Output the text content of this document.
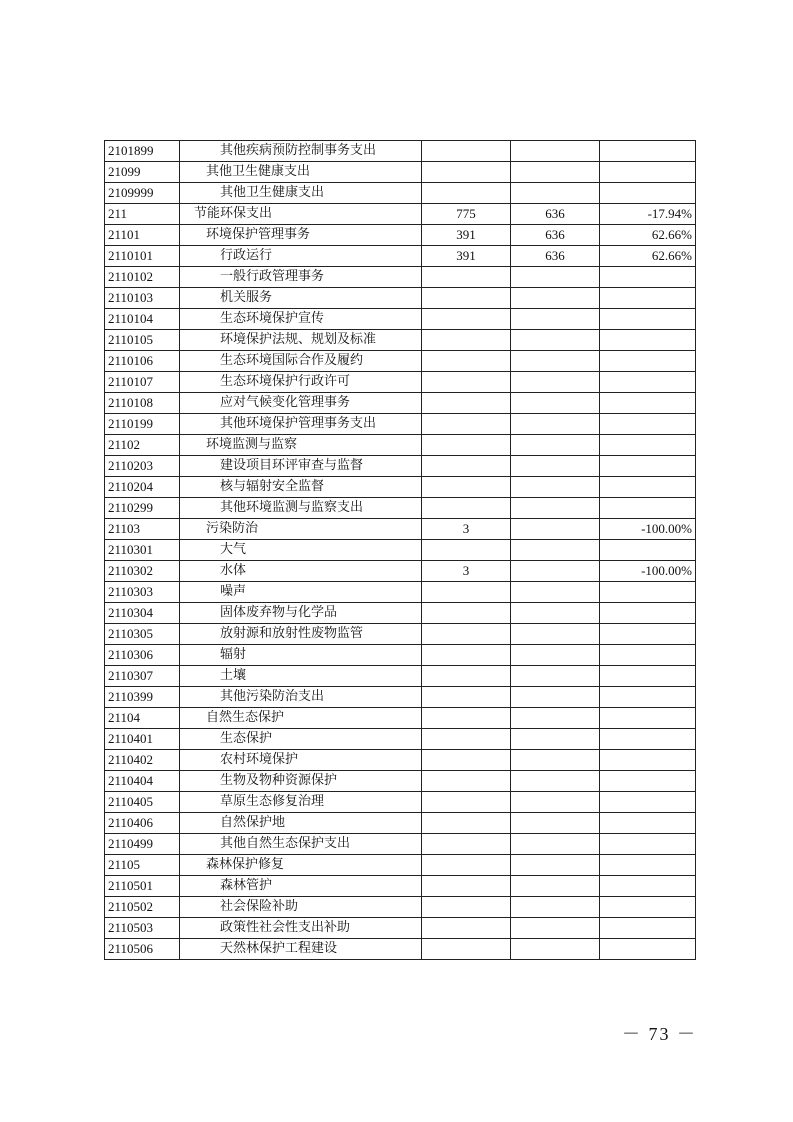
2101899	其他疾病预防控制事务支出			
21099	其他卫生健康支出			
2109999	其他卫生健康支出			
211	节能环保支出	775	636	-17.94%
21101	环境保护管理事务	391	636	62.66%
2110101	行政运行	391	636	62.66%
2110102	一般行政管理事务			
2110103	机关服务			
2110104	生态环境保护宣传			
2110105	环境保护法规、规划及标准			
2110106	生态环境国际合作及履约			
2110107	生态环境保护行政许可			
2110108	应对气候变化管理事务			
2110199	其他环境保护管理事务支出			
21102	环境监测与监察			
2110203	建设项目环评审查与监督			
2110204	核与辐射安全监督			
2110299	其他环境监测与监察支出			
21103	污染防治	3		-100.00%
2110301	大气			
2110302	水体	3		-100.00%
2110303	噪声			
2110304	固体废弃物与化学品			
2110305	放射源和放射性废物监管			
2110306	辐射			
2110307	土壤			
2110399	其他污染防治支出			
21104	自然生态保护			
2110401	生态保护			
2110402	农村环境保护			
2110404	生物及物种资源保护			
2110405	草原生态修复治理			
2110406	自然保护地			
2110499	其他自然生态保护支出			
21105	森林保护修复			
2110501	森林管护			
2110502	社会保险补助			
2110503	政策性社会性支出补助			
2110506	天然林保护工程建设			
－ 73 －
